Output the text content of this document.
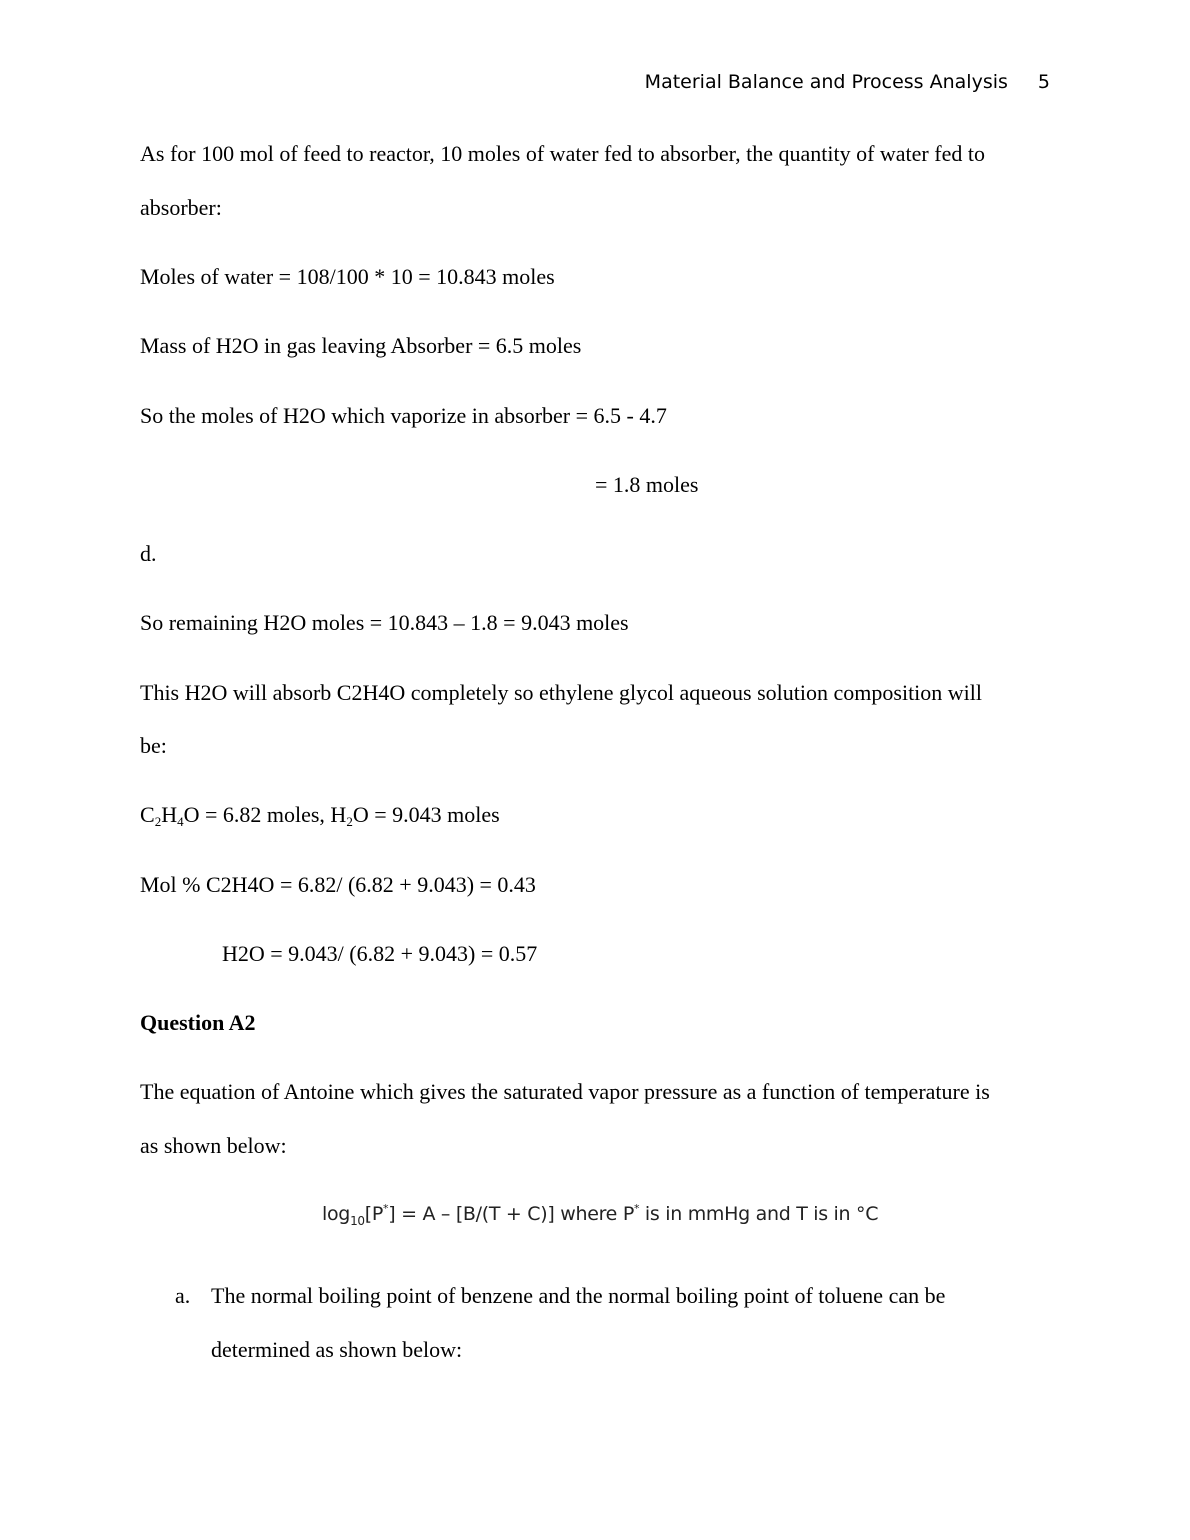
Material Balance and Process Analysis 5
As for 100 mol of feed to reactor, 10 moles of water fed to absorber, the quantity of water fed to
absorber:
Moles of water = 108/100 * 10 = 10.843 moles
Mass of H2O in gas leaving Absorber = 6.5 moles
So the moles of H2O which vaporize in absorber = 6.5 - 4.7
= 1.8 moles
d.
So remaining H2O moles = 10.843 – 1.8 = 9.043 moles
This H2O will absorb C2H4O completely so ethylene glycol aqueous solution composition will
be:
$C_2H_4O = 6.82$ moles, $H_2O = 9.043$ moles
Mol % C2H4O = 6.82/ (6.82 + 9.043) = 0.43
H2O = 9.043/ (6.82 + 9.043) = 0.57
Question A2
The equation of Antoine which gives the saturated vapor pressure as a function of temperature is
as shown below:
$\log_{10}[P^*] = A - [B/(T + C)]$ where P* is in mmHg and T is in °C
a. The normal boiling point of benzene and the normal boiling point of toluene can be
determined as shown below:
